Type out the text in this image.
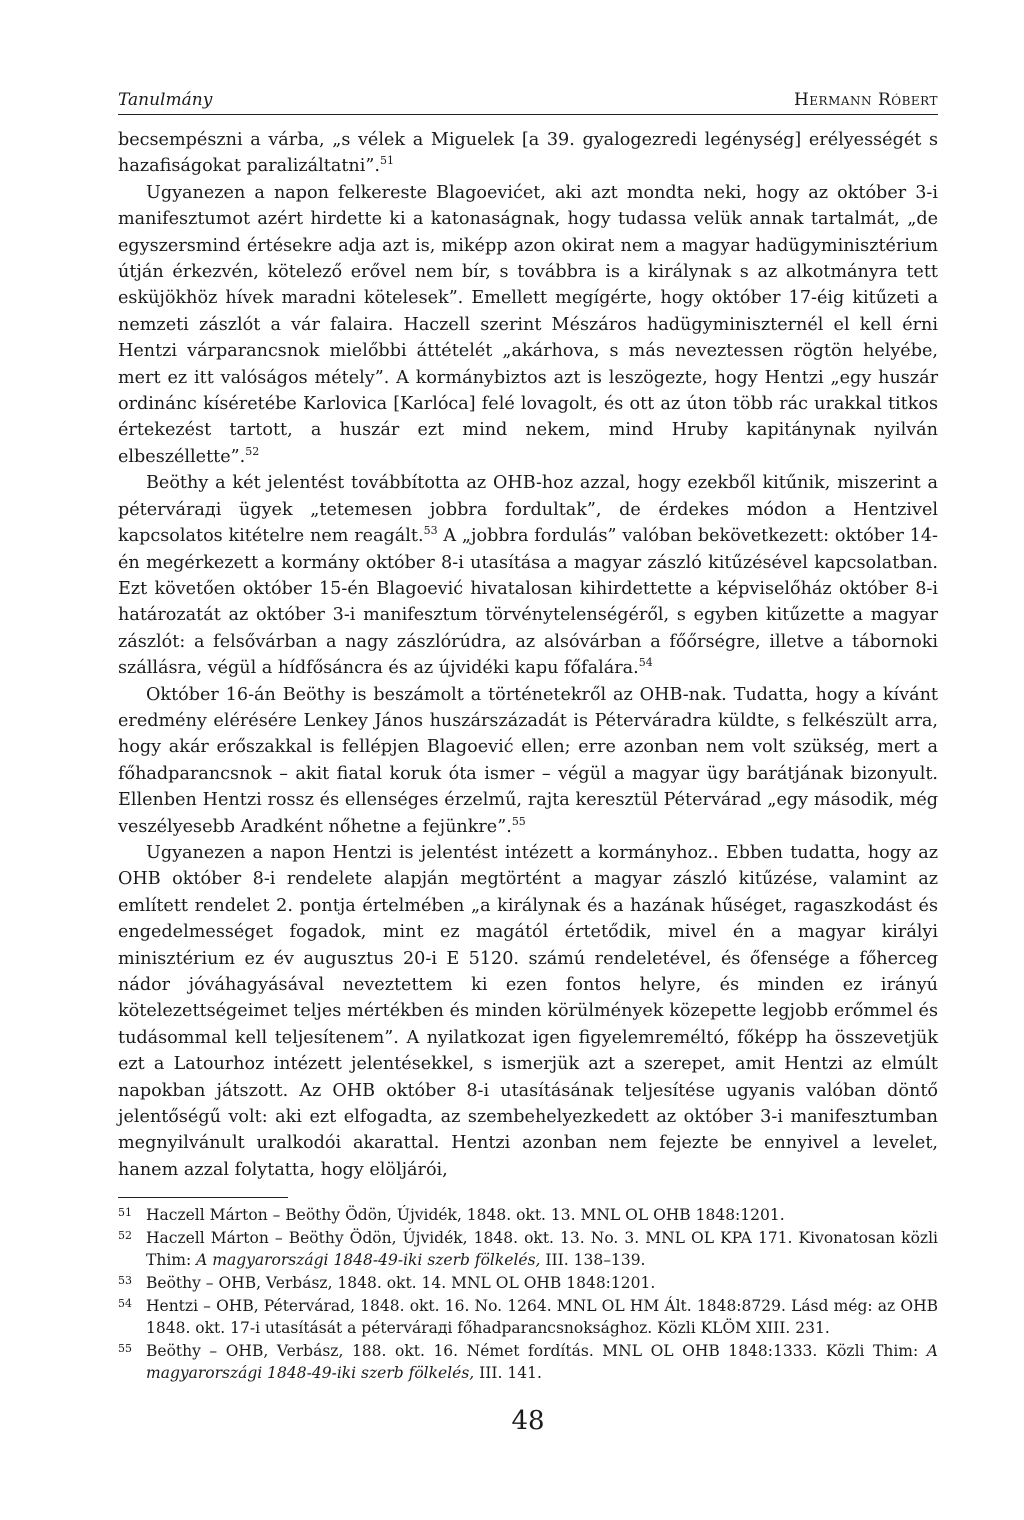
Tanulmány	Hermann Róbert

becsempészni a várba, „s vélek a Miguelek [a 39. gyalogezredi legénység] erélyességét s hazafiságokat paralizáltatni”.$^{51}$

Ugyanezen a napon felkereste Blagoevićet, aki azt mondta neki, hogy az október 3-i manifesztumot azért hirdette ki a katonaságnak, hogy tudassa velük annak tartalmát, „de egyszersmind értésekre adja azt is, miképp azon okirat nem a magyar hadügyminisztérium útján érkezvén, kötelező erővel nem bír, s továbbra is a királynak s az alkotmányra tett esküjökhöz hívek maradni kötelesek”. Emellett megígérte, hogy október 17-éig kitűzeti a nemzeti zászlót a vár falaira. Haczell szerint Mészáros hadügyminiszternél el kell érni Hentzi várparancsnok mielőbbi áttételét „akárhova, s más neveztessen rögtön helyébe, mert ez itt valóságos métely”. A kormánybiztos azt is leszögezte, hogy Hentzi „egy huszár ordinánc kíséretébe Karlovica [Karlóca] felé lovagolt, és ott az úton több rác urakkal titkos értekezést tartott, a huszár ezt mind nekem, mind Hruby kapitánynak nyilván elbeszéllette”.$^{52}$

Beöthy a két jelentést továbbította az OHB-hoz azzal, hogy ezekből kitűnik, miszerint a pétervárадi ügyek „tetemesen jobbra fordultak”, de érdekes módon a Hentzivel kapcsolatos kitételre nem reagált.$^{53}$ A „jobbra fordulás” valóban bekövetkezett: október 14-én megérkezett a kormány október 8-i utasítása a magyar zászló kitűzésével kapcsolatban. Ezt követően október 15-én Blagoević hivatalosan kihirdettette a képviselőház október 8-i határozatát az október 3-i manifesztum törvénytelenségéről, s egyben kitűzette a magyar zászlót: a felsővárban a nagy zászlórúdra, az alsóvárban a főőrségre, illetve a tábornoki szállásra, végül a hídfősáncra és az újvidéki kapu főfalára.$^{54}$

Október 16-án Beöthy is beszámolt a történetekről az OHB-nak. Tudatta, hogy a kívánt eredmény elérésére Lenkey János huszárszázadát is Péterváradra küldte, s felkészült arra, hogy akár erőszakkal is fellépjen Blagoević ellen; erre azonban nem volt szükség, mert a főhadparancsnok – akit fiatal koruk óta ismer – végül a magyar ügy barátjának bizonyult. Ellenben Hentzi rossz és ellenséges érzelmű, rajta keresztül Pétervárad „egy második, még veszélyesebb Aradként nőhetne a fejünkre”.$^{55}$

Ugyanezen a napon Hentzi is jelentést intézett a kormányhoz.. Ebben tudatta, hogy az OHB október 8-i rendelete alapján megtörtént a magyar zászló kitűzése, valamint az említett rendelet 2. pontja értelmében „a királynak és a hazának hűséget, ragaszkodást és engedelmességet fogadok, mint ez magától értetődik, mivel én a magyar királyi minisztérium ez év augusztus 20-i E 5120. számú rendeletével, és őfensége a főherceg nádor jóváhagyásával neveztettem ki ezen fontos helyre, és minden ez irányú kötelezettségeimet teljes mértékben és minden körülmények közepette legjobb erőmmel és tudásommal kell teljesítenem”. A nyilatkozat igen figyelemreméltó, főképp ha összevetjük ezt a Latourhoz intézett jelentésekkel, s ismerjük azt a szerepet, amit Hentzi az elmúlt napokban játszott. Az OHB október 8-i utasításának teljesítése ugyanis valóban döntő jelentőségű volt: aki ezt elfogadta, az szembehelyezkedett az október 3-i manifesztumban megnyilvánult uralkodói akarattal. Hentzi azonban nem fejezte be ennyivel a levelet, hanem azzal folytatta, hogy elöljárói,

51 Haczell Márton – Beöthy Ödön, Újvidék, 1848. okt. 13. MNL OL OHB 1848:1201.
52 Haczell Márton – Beöthy Ödön, Újvidék, 1848. okt. 13. No. 3. MNL OL KPA 171. Kivonatosan közli Thim: A magyarországi 1848-49-iki szerb fölkelés, III. 138–139.
53 Beöthy – OHB, Verbász, 1848. okt. 14. MNL OL OHB 1848:1201.
54 Hentzi – OHB, Pétervárad, 1848. okt. 16. No. 1264. MNL OL HM Ált. 1848:8729. Lásd még: az OHB 1848. okt. 17-i utasítását a pétervárадi főhadparancsnoksághoz. Közli KLÖM XIII. 231.
55 Beöthy – OHB, Verbász, 188. okt. 16. Német fordítás. MNL OL OHB 1848:1333. Közli Thim: A magyarországi 1848-49-iki szerb fölkelés, III. 141.
48
